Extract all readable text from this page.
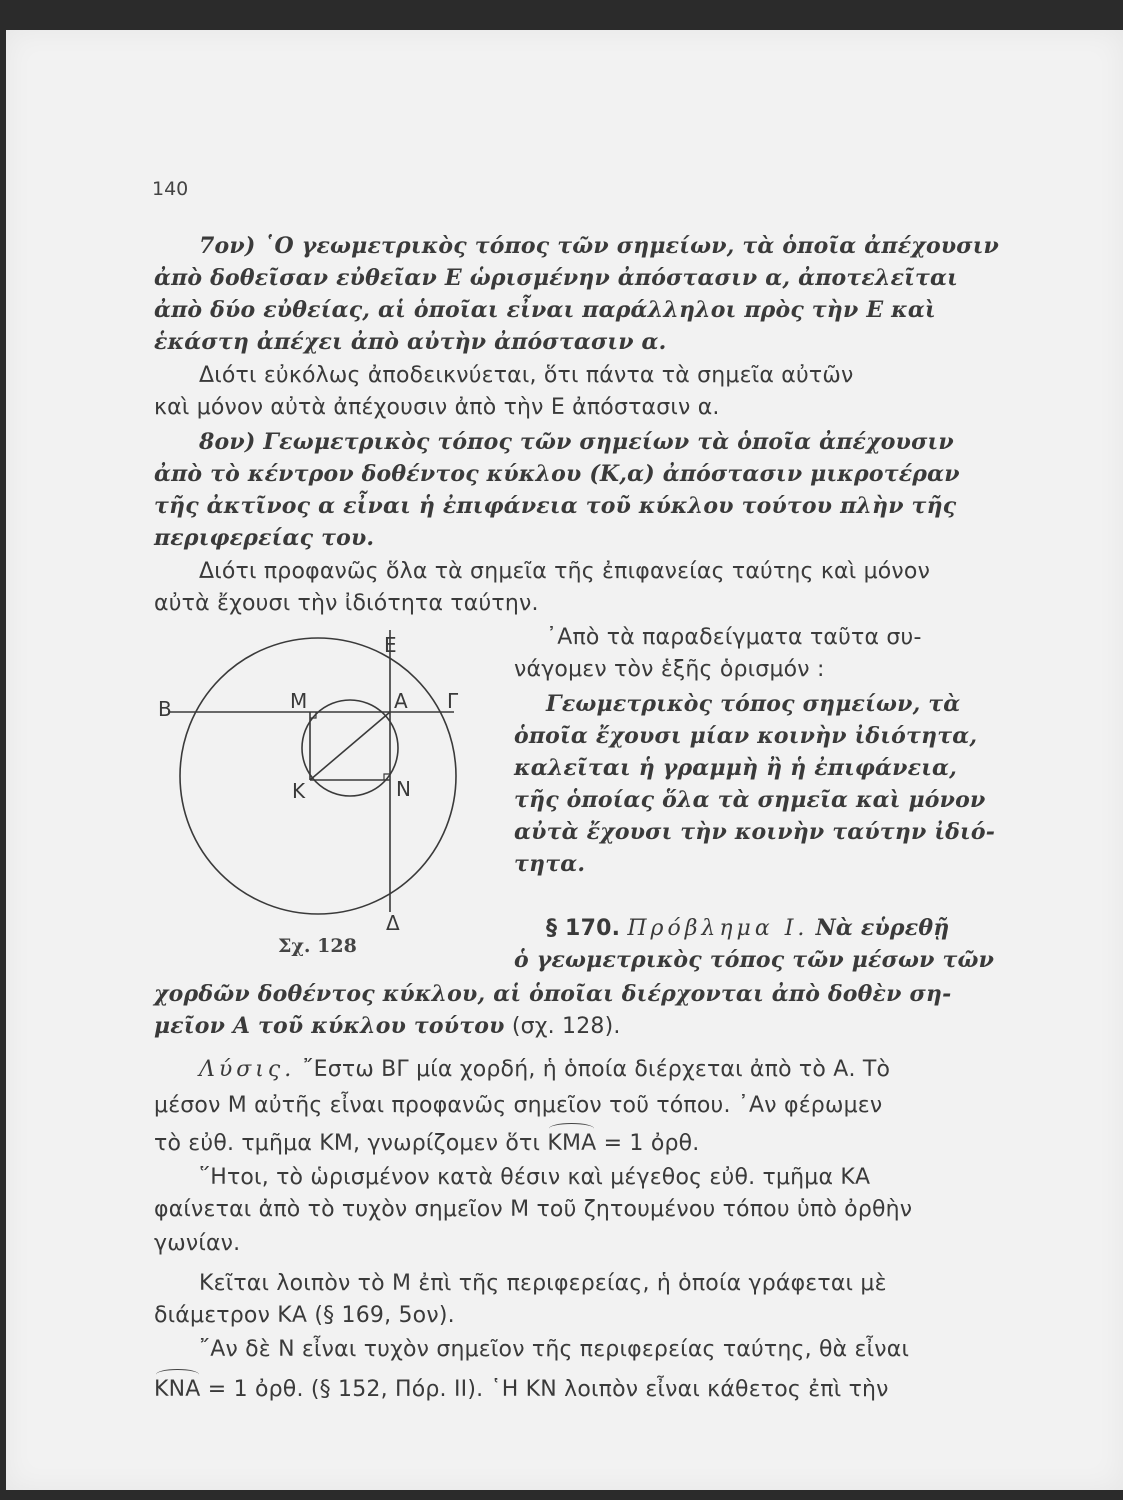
140
7ον) ῾Ο γεωμετρικὸς τόπος τῶν σημείων, τὰ ὁποῖα ἀπέχουσιν
ἀπὸ δοθεῖσαν εὐθεῖαν Ε ὡρισμένην ἀπόστασιν α, ἀποτελεῖται
ἀπὸ δύο εὐθείας, αἱ ὁποῖαι εἶναι παράλληλοι πρὸς τὴν Ε καὶ
ἑκάστη ἀπέχει ἀπὸ αὐτὴν ἀπόστασιν α.
Διότι εὐκόλως ἀποδεικνύεται, ὅτι πάντα τὰ σημεῖα αὐτῶν
καὶ μόνον αὐτὰ ἀπέχουσιν ἀπὸ τὴν Ε ἀπόστασιν α.
8ον) Γεωμετρικὸς τόπος τῶν σημείων τὰ ὁποῖα ἀπέχουσιν
ἀπὸ τὸ κέντρον δοθέντος κύκλου (Κ,α) ἀπόστασιν μικροτέραν
τῆς ἀκτῖνος α εἶναι ἡ ἐπιφάνεια τοῦ κύκλου τούτου πλὴν τῆς
περιφερείας του.
Διότι προφανῶς ὅλα τὰ σημεῖα τῆς ἐπιφανείας ταύτης καὶ μόνον
αὐτὰ ἔχουσι τὴν ἰδιότητα ταύτην.
᾿Απὸ τὰ παραδείγματα ταῦτα συ-
νάγομεν τὸν ἑξῆς ὁρισμόν :
Γεωμετρικὸς τόπος σημείων, τὰ
ὁποῖα ἔχουσι μίαν κοινὴν ἰδιότητα,
καλεῖται ἡ γραμμὴ ἢ ἡ ἐπιφάνεια,
τῆς ὁποίας ὅλα τὰ σημεῖα καὶ μόνον
αὐτὰ ἔχουσι τὴν κοινὴν ταύτην ἰδιό-
τητα.
Ε
Β	Μ	Α Γ
Κ	Ν
Δ
Σχ. 128
§ 170. Πρόβλημα Ι. Νὰ εὑρεθῇ
ὁ γεωμετρικὸς τόπος τῶν μέσων τῶν
χορδῶν δοθέντος κύκλου, αἱ ὁποῖαι διέρχονται ἀπὸ δοθὲν ση-
μεῖον Α τοῦ κύκλου τούτου (σχ. 128).
Λύσις. ῎Εστω ΒΓ μία χορδή, ἡ ὁποία διέρχεται ἀπὸ τὸ Α. Τὸ
μέσον Μ αὐτῆς εἶναι προφανῶς σημεῖον τοῦ τόπου. ᾿Αν φέρωμεν
τὸ εὐθ. τμῆμα ΚΜ, γνωρίζομεν ὅτι ΚΜΑ = 1 ὀρθ.
῞Ητοι, τὸ ὡρισμένον κατὰ θέσιν καὶ μέγεθος εὐθ. τμῆμα ΚΑ
φαίνεται ἀπὸ τὸ τυχὸν σημεῖον Μ τοῦ ζητουμένου τόπου ὑπὸ ὀρθὴν
γωνίαν.
Κεῖται λοιπὸν τὸ Μ ἐπὶ τῆς περιφερείας, ἡ ὁποία γράφεται μὲ
διάμετρον ΚΑ (§ 169, 5ον).
῎Αν δὲ Ν εἶναι τυχὸν σημεῖον τῆς περιφερείας ταύτης, θὰ εἶναι
ΚΝΑ = 1 ὀρθ. (§ 152, Πόρ. ΙΙ). ῾Η ΚΝ λοιπὸν εἶναι κάθετος ἐπὶ τὴν
